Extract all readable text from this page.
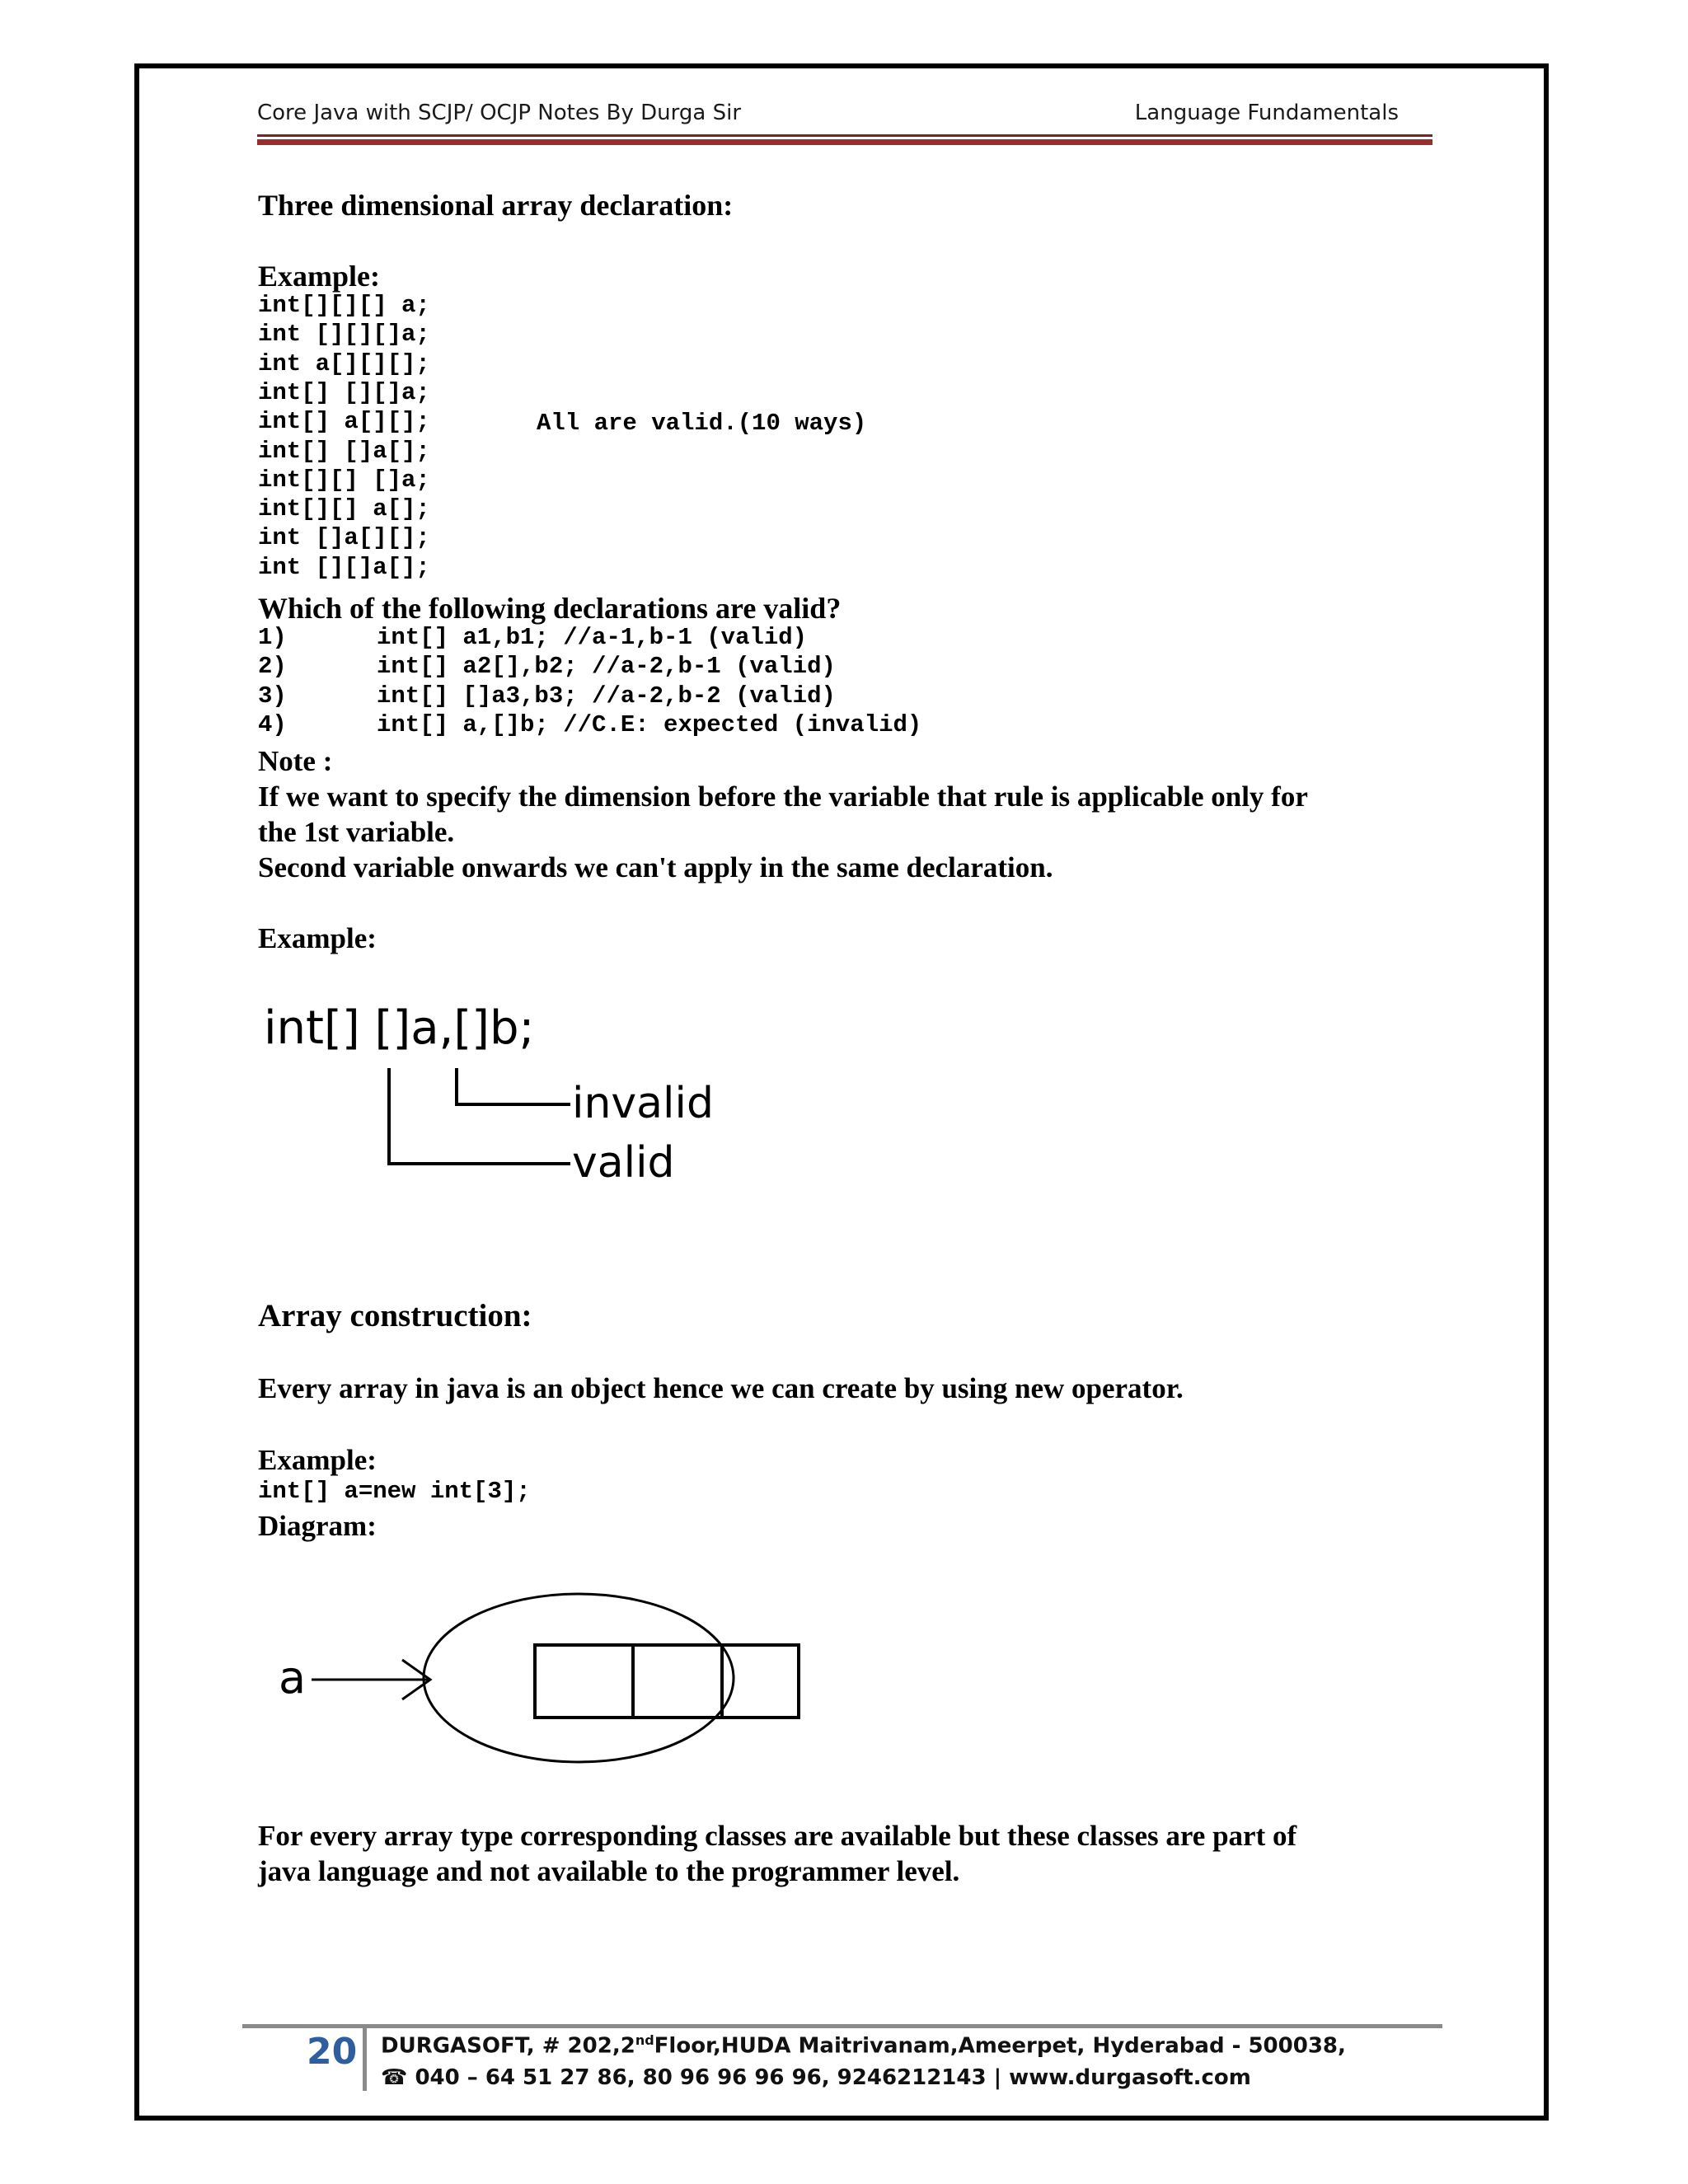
Core Java with SCJP/ OCJP Notes By Durga Sir	Language Fundamentals
Three dimensional array declaration:
Example:
int[][][] a;
int [][][]a;
int a[][][];
int[] [][]a;
int[] a[][];
int[] []a[];
int[][] []a;
int[][] a[];
int []a[][];
int [][]a[];
All are valid.(10 ways)
Which of the following declarations are valid?
1)	int[] a1,b1; //a-1,b-1 (valid)
2)	int[] a2[],b2; //a-2,b-1 (valid)
3)	int[] []a3,b3; //a-2,b-2 (valid)
4)	int[] a,[]b; //C.E: expected (invalid)
Note :
If we want to specify the dimension before the variable that rule is applicable only for
the 1st variable.
Second variable onwards we can't apply in the same declaration.
Example:
int[] []a,[]b;
invalid
valid
Array construction:
Every array in java is an object hence we can create by using new operator.
Example:
int[] a=new int[3];
Diagram:
a
For every array type corresponding classes are available but these classes are part of
java language and not available to the programmer level.
20 DURGASOFT, # 202,2ndFloor,HUDA Maitrivanam,Ameerpet, Hyderabad - 500038,
☎ 040 – 64 51 27 86, 80 96 96 96 96, 9246212143 | www.durgasoft.com
